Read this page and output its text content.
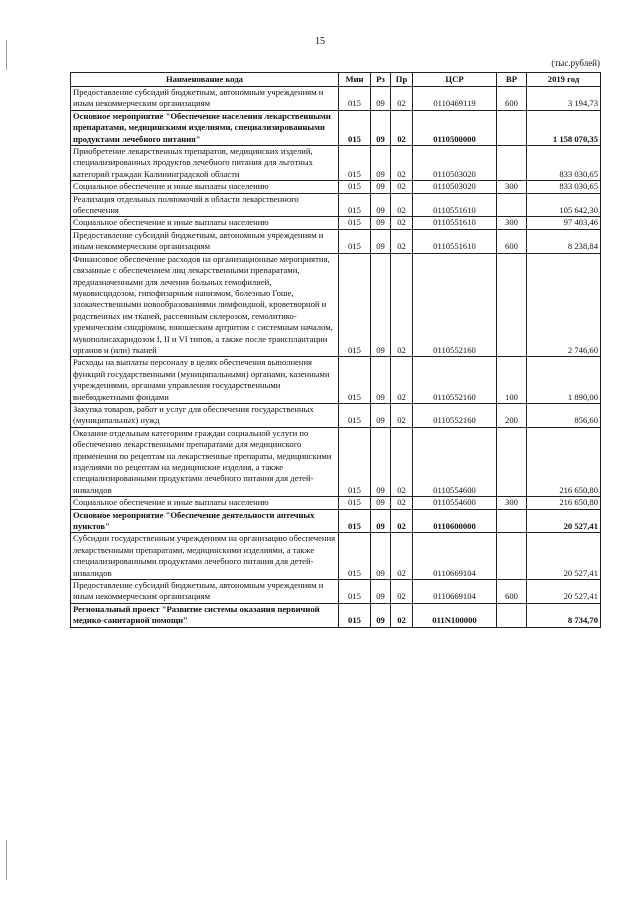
15
(тыс.рублей)
Наименование кода	Мин	Рз	Пр	ЦСР	ВР	2019 год
Предоставление субсидий бюджетным, автономным учреждениям и иным некоммерческим организациям	015	09	02	0110469119	600	3 194,73
Основное мероприятие "Обеспечение населения лекарственными препаратами, медицинскими изделиями, специализированными продуктами лечебного питания"	015	09	02	0110500000		1 158 070,35
Приобретение лекарственных препаратов, медицинских изделий, специализированных продуктов лечебного питания для льготных категорий граждан Калининградской области	015	09	02	0110503020		833 030,65
Социальное обеспечение и иные выплаты населению	015	09	02	0110503020	300	833 030,65
Реализация отдельных полномочий в области лекарственного обеспечения	015	09	02	0110551610		105 642,30
Социальное обеспечение и иные выплаты населению	015	09	02	0110551610	300	97 403,46
Предоставление субсидий бюджетным, автономным учреждениям и иным некоммерческим организациям	015	09	02	0110551610	600	8 238,84
Финансовое обеспечение расходов на организационные мероприятия, связанные с обеспечением лиц лекарственными препаратами, предназначенными для лечения больных гемофилией, муковисцидозом, гипофизарным нанизмом, болезнью Гоше, злокачественными новообразованиями лимфоидной, кроветворной и родственных им тканей, рассеянным склерозом, гемолитико-уремическим синдромом, юношеским артритом с системным началом, мукополисахаридозом I, II и VI типов, а также после трансплантации органов и (или) тканей	015	09	02	0110552160		2 746,60
Расходы на выплаты персоналу в целях обеспечения выполнения функций государственными (муниципальными) органами, казенными учреждениями, органами управления государственными внебюджетными фондами	015	09	02	0110552160	100	1 890,00
Закупка товаров, работ и услуг для обеспечения государственных (муниципальных) нужд	015	09	02	0110552160	200	856,60
Оказание отдельным категориям граждан социальной услуги по обеспечению лекарственными препаратами для медицинского применения по рецептам на лекарственные препараты, медицинскими изделиями по рецептам на медицинские изделия, а также специализированными продуктами лечебного питания для детей-инвалидов	015	09	02	0110554600		216 650,80
Социальное обеспечение и иные выплаты населению	015	09	02	0110554600	300	216 650,80
Основное мероприятие "Обеспечение деятельности аптечных пунктов"	015	09	02	0110600000		20 527,41
Субсидии государственным учреждениям на организацию обеспечения лекарственными препаратами, медицинскими изделиями, а также специализированными продуктами лечебного питания для детей-инвалидов	015	09	02	0110669104		20 527,41
Предоставление субсидий бюджетным, автономным учреждениям и иным некоммерческим организациям	015	09	02	0110669104	600	20 527,41
Региональный проект "Развитие системы оказания первичной медико-санитарной помощи"	015	09	02	011N100000		8 734,70
